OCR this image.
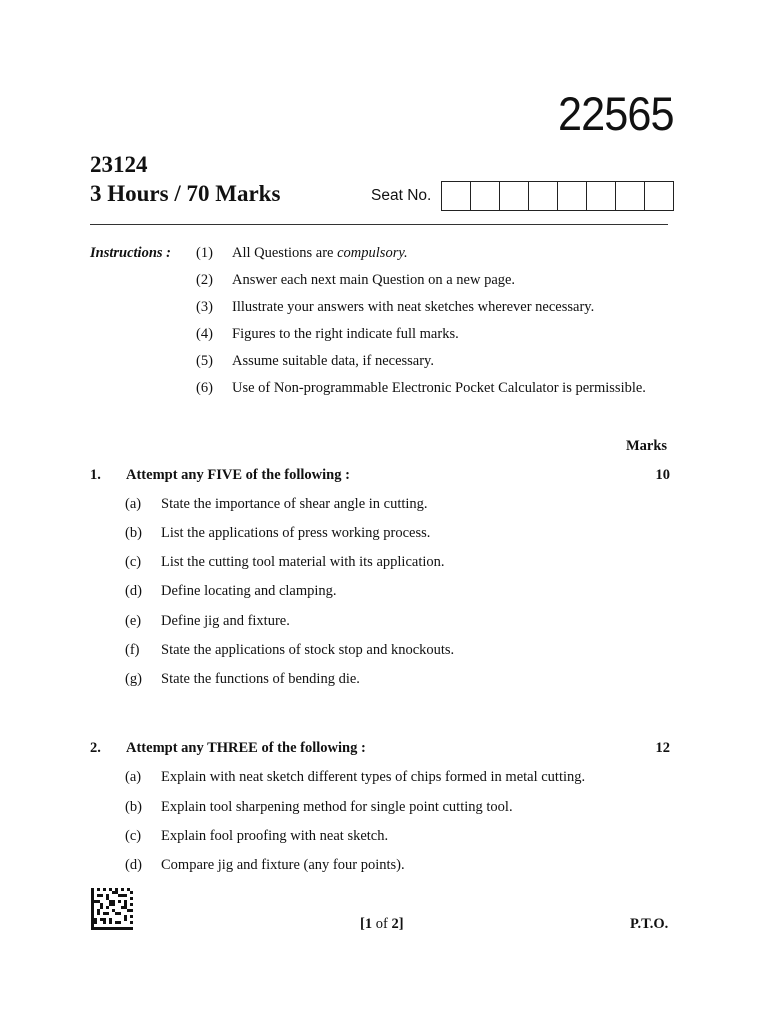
22565
23124
3 Hours / 70 Marks	Seat No.
Instructions : (1) All Questions are compulsory.
(2) Answer each next main Question on a new page.
(3) Illustrate your answers with neat sketches wherever necessary.
(4) Figures to the right indicate full marks.
(5) Assume suitable data, if necessary.
(6) Use of Non-programmable Electronic Pocket Calculator is permissible.
Marks
1. Attempt any FIVE of the following :	10
(a) State the importance of shear angle in cutting.
(b) List the applications of press working process.
(c) List the cutting tool material with its application.
(d) Define locating and clamping.
(e) Define jig and fixture.
(f) State the applications of stock stop and knockouts.
(g) State the functions of bending die.
2. Attempt any THREE of the following :	12
(a) Explain with neat sketch different types of chips formed in metal cutting.
(b) Explain tool sharpening method for single point cutting tool.
(c) Explain fool proofing with neat sketch.
(d) Compare jig and fixture (any four points).
[1 of 2]	P.T.O.
